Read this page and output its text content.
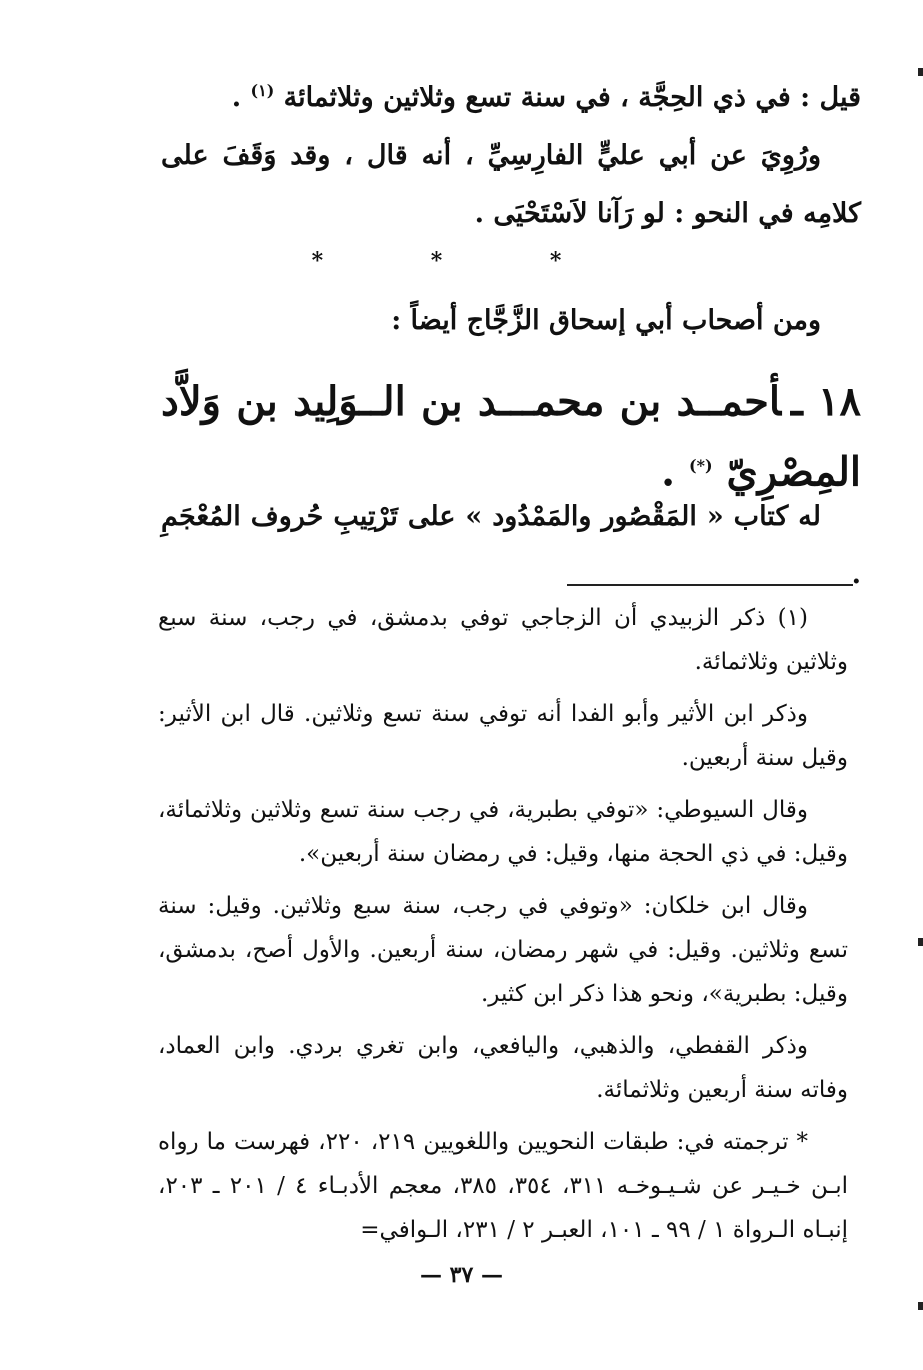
قيل : في ذي الحِجَّة ، في سنة تسع وثلاثين وثلاثمائة $^{(١)}$ .

ورُوِيَ عن أبي عليٍّ الفارِسِيِّ ، أنه قال ، وقد وَقَفَ على كلامِه في النحو : لو رَآنا لاَسْتَحْيَى .

* * *

ومن أصحاب أبي إسحاق الزَّجَّاج أيضاً :

١٨ ـأحمــد بن محمـــد بن الــوَلِيد بن وَلاَّد المِصْرِيّ (*) .

له كتاب « المَقْصُور والمَمْدُود » على تَرْتِيبِ حُروف المُعْجَمِ .

(١) ذكر الزبيدي أن الزجاجي توفي بدمشق، في رجب، سنة سبع وثلاثين وثلاثمائة.

وذكر ابن الأثير وأبو الفدا أنه توفي سنة تسع وثلاثين. قال ابن الأثير: وقيل سنة أربعين.

وقال السيوطي: «توفي بطبرية، في رجب سنة تسع وثلاثين وثلاثمائة، وقيل: في ذي الحجة منها، وقيل: في رمضان سنة أربعين».

وقال ابن خلكان: «وتوفي في رجب، سنة سبع وثلاثين. وقيل: سنة تسع وثلاثين. وقيل: في شهر رمضان، سنة أربعين. والأول أصح، بدمشق، وقيل: بطبرية»، ونحو هذا ذكر ابن كثير.

وذكر القفطي، والذهبي، واليافعي، وابن تغري بردي. وابن العماد، وفاته سنة أربعين وثلاثمائة.

* ترجمته في: طبقات النحويين واللغويين ٢١٩، ٢٢٠، فهرست ما رواه ابـن خـيـر عن شـيـوخـه ٣١١، ٣٥٤، ٣٨٥، معجم الأدبـاء ٤ / ٢٠١ ـ ٢٠٣، إنبـاه الـرواة ١ / ٩٩ ـ ١٠١، العبـر ٢ / ٢٣١، الـوافي=

— ٣٧ —
